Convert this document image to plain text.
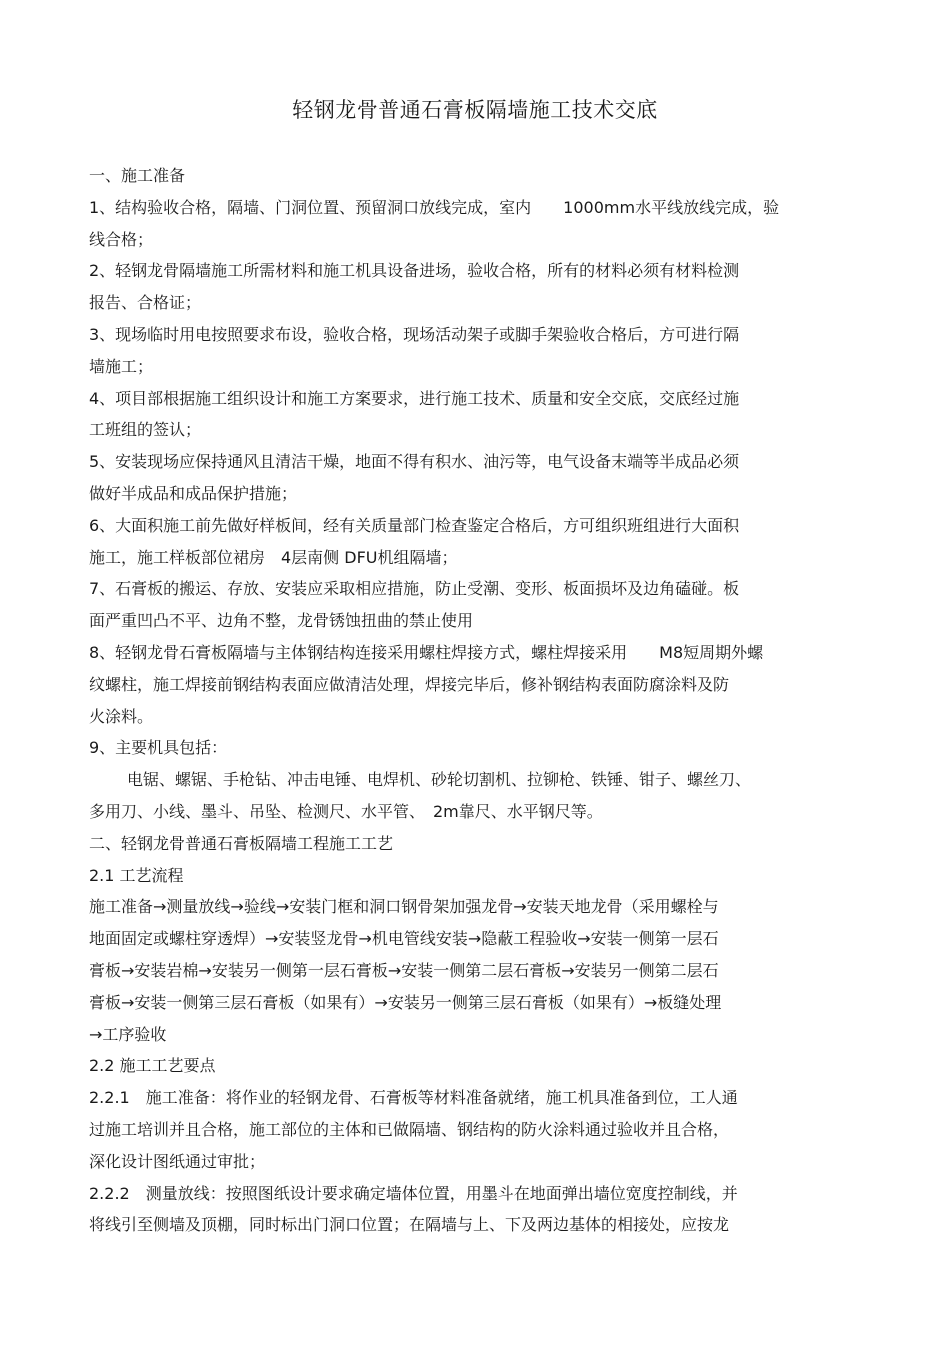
轻钢龙骨普通石膏板隔墙施工技术交底
一、施工准备
1、结构验收合格，隔墙、门洞位置、预留洞口放线完成，室内　　1000mm水平线放线完成，验
线合格；
2、轻钢龙骨隔墙施工所需材料和施工机具设备进场，验收合格，所有的材料必须有材料检测
报告、合格证；
3、现场临时用电按照要求布设，验收合格，现场活动架子或脚手架验收合格后，方可进行隔
墙施工；
4、项目部根据施工组织设计和施工方案要求，进行施工技术、质量和安全交底，交底经过施
工班组的签认；
5、安装现场应保持通风且清洁干燥，地面不得有积水、油污等，电气设备末端等半成品必须
做好半成品和成品保护措施；
6、大面积施工前先做好样板间，经有关质量部门检查鉴定合格后，方可组织班组进行大面积
施工，施工样板部位裙房　4层南侧 DFU机组隔墙；
7、石膏板的搬运、存放、安装应采取相应措施，防止受潮、变形、板面损坏及边角磕碰。板
面严重凹凸不平、边角不整，龙骨锈蚀扭曲的禁止使用
8、轻钢龙骨石膏板隔墙与主体钢结构连接采用螺柱焊接方式，螺柱焊接采用　　M8短周期外螺
纹螺柱，施工焊接前钢结构表面应做清洁处理，焊接完毕后，修补钢结构表面防腐涂料及防
火涂料。
9、主要机具包括：
电锯、螺锯、手枪钻、冲击电锤、电焊机、砂轮切割机、拉铆枪、铁锤、钳子、螺丝刀、
多用刀、小线、墨斗、吊坠、检测尺、水平管、　2m靠尺、水平钢尺等。
二、轻钢龙骨普通石膏板隔墙工程施工工艺
2.1 工艺流程
施工准备→测量放线→验线→安装门框和洞口钢骨架加强龙骨→安装天地龙骨（采用螺栓与
地面固定或螺柱穿透焊）→安装竖龙骨→机电管线安装→隐蔽工程验收→安装一侧第一层石
膏板→安装岩棉→安装另一侧第一层石膏板→安装一侧第二层石膏板→安装另一侧第二层石
膏板→安装一侧第三层石膏板（如果有）→安装另一侧第三层石膏板（如果有）→板缝处理
→工序验收
2.2 施工工艺要点
2.2.1　施工准备：将作业的轻钢龙骨、石膏板等材料准备就绪，施工机具准备到位，工人通
过施工培训并且合格，施工部位的主体和已做隔墙、钢结构的防火涂料通过验收并且合格，
深化设计图纸通过审批；
2.2.2　测量放线：按照图纸设计要求确定墙体位置，用墨斗在地面弹出墙位宽度控制线，并
将线引至侧墙及顶棚，同时标出门洞口位置；在隔墙与上、下及两边基体的相接处，应按龙
